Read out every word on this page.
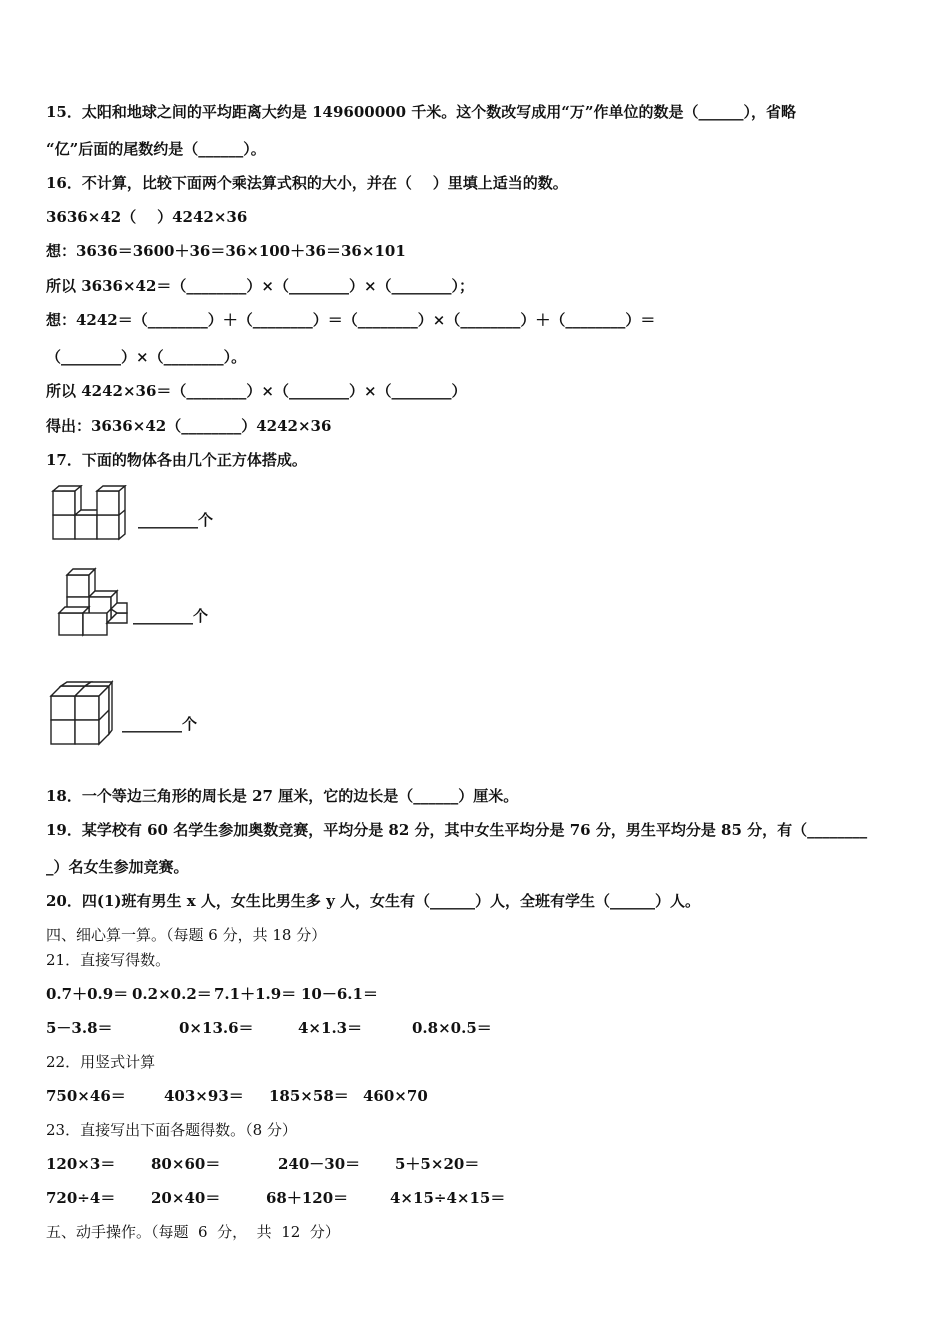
15．太阳和地球之间的平均距离大约是 149600000 千米。这个数改写成用“万”作单位的数是（______），省略
“亿”后面的尾数约是（______）。
16．不计算，比较下面两个乘法算式积的大小，并在（    ）里填上适当的数。
3636×42（    ）4242×36
想：3636＝3600＋36＝36×100＋36＝36×101
所以 3636×42＝（________）×（________）×（________）；
想：4242＝（________）＋（________）＝（________）×（________）＋（________）＝
（________）×（________）。
所以 4242×36＝（________）×（________）×（________）
得出：3636×42（________）4242×36
17．下面的物体各由几个正方体搭成。
________个
________个
________个
18．一个等边三角形的周长是 27 厘米，它的边长是（______）厘米。
19．某学校有 60 名学生参加奥数竞赛，平均分是 82 分，其中女生平均分是 76 分，男生平均分是 85 分，有（________
_）名女生参加竞赛。
20．四(1)班有男生 x 人，女生比男生多 y 人，女生有（______）人，全班有学生（______）人。
四、细心算一算。（每题 6 分，共 18 分）
21．直接写得数。
0.7＋0.9＝ 0.2×0.2＝ 7.1＋1.9＝ 10－6.1＝
5－3.8＝	0×13.6＝	4×1.3＝	0.8×0.5＝
22．用竖式计算
750×46＝	403×93＝ 185×58＝ 460×70
23．直接写出下面各题得数。（8 分）
120×3＝ 80×60＝	240－30＝ 5＋5×20＝
720÷4＝ 20×40＝	68＋120＝	4×15÷4×15＝
五、动手操作。（每题  6  分，  共  12  分）
